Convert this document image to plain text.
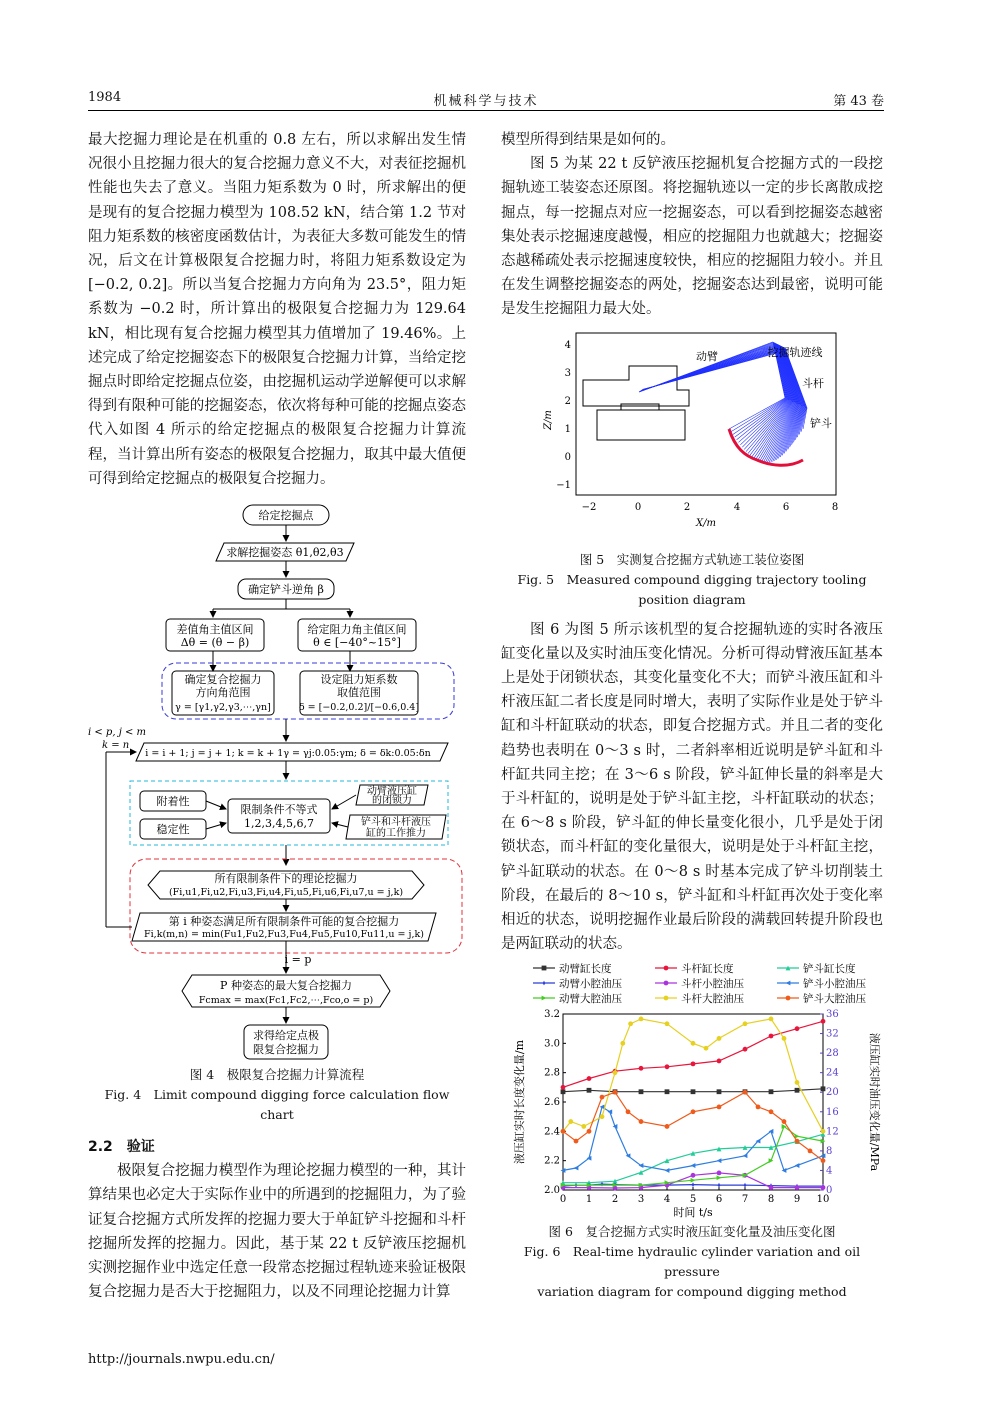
1984	机械科学与技术	第 43 卷

最大挖掘力理论是在机重的 0.8 左右，所以求解出发生情况很小且挖掘力很大的复合挖掘力意义不大，对表征挖掘机性能也失去了意义。当阻力矩系数为 0 时，所求解出的便是现有的复合挖掘力模型为 108.52 kN，结合第 1.2 节对阻力矩系数的核密度函数估计，为表征大多数可能发生的情况，后文在计算极限复合挖掘力时，将阻力矩系数设定为 [−0.2, 0.2]。所以当复合挖掘力方向角为 23.5°，阻力矩系数为 −0.2 时，所计算出的极限复合挖掘力为 129.64 kN，相比现有复合挖掘力模型其力值增加了 19.46%。上述完成了给定挖掘姿态下的极限复合挖掘力计算，当给定挖掘点时即给定挖掘点位姿，由挖掘机运动学逆解便可以求解得到有限种可能的挖掘姿态，依次将每种可能的挖掘点姿态代入如图 4 所示的给定挖掘点的极限复合挖掘力计算流程，当计算出所有姿态的极限复合挖掘力，取其中最大值便可得到给定挖掘点的极限复合挖掘力。

给定挖掘点
求解挖掘姿态 θ1,θ2,θ3
确定铲斗逆角 β
差值角主值区间
Δθ = (θ − β)
给定阻力角主值区间
θ ∈ [−40°~15°]
确定复合挖掘力
方向角范围
γ = [γ1,γ2,γ3,⋯,γn]
设定阻力矩系数
取值范围
δ = [−0.2,0.2]/[−0.6,0.4]
i = i + 1; j = j + 1; k = k + 1γ = γj:0.05:γm; δ = δk:0.05:δn
附着性
稳定性
限制条件不等式
1,2,3,4,5,6,7
动臂液压缸
的闭锁力
铲斗和斗杆液压
缸的工作推力
所有限制条件下的理论挖掘力
(Fi,u1,Fi,u2,Fi,u3,Fi,u4,Fi,u5,Fi,u6,Fi,u7,u = j,k)
第 i 种姿态满足所有限制条件可能的复合挖掘力
Fi,k(m,n) = min(Fu1,Fu2,Fu3,Fu4,Fu5,Fu10,Fu11,u = j,k)
i = p
P 种姿态的最大复合挖掘力
Fcmax = max(Fc1,Fc2,⋯,Fco,o = p)
求得给定点极
限复合挖掘力
i < p, j < m
k = n
图 4　极限复合挖掘力计算流程
Fig. 4　Limit compound digging force calculation flow chart
2.2　验证

极限复合挖掘力模型作为理论挖掘力模型的一种，其计算结果也必定大于实际作业中的所遇到的挖掘阻力，为了验证复合挖掘方式所发挥的挖掘力要大于单缸铲斗挖掘和斗杆挖掘所发挥的挖掘力。因此，基于某 22 t 反铲液压挖掘机实测挖掘作业中选定任意一段常态挖掘过程轨迹来验证极限复合挖掘力是否大于挖掘阻力，以及不同理论挖掘力计算

模型所得到结果是如何的。

图 5 为某 22 t 反铲液压挖掘机复合挖掘方式的一段挖掘轨迹工装姿态还原图。将挖掘轨迹以一定的步长离散成挖掘点，每一挖掘点对应一挖掘姿态，可以看到挖掘姿态越密集处表示挖掘速度越慢，相应的挖掘阻力也就越大；挖掘姿态越稀疏处表示挖掘速度较快，相应的挖掘阻力较小。并且在发生调整挖掘姿态的两处，挖掘姿态达到最密，说明可能是发生挖掘阻力最大处。

动臂	挖掘轨迹线
斗杆
铲斗
−2	0	2	4	6	8
X/m
4
3
2
1
0
−1
Z/m
图 5　实测复合挖掘方式轨迹工装位姿图
Fig. 5　Measured compound digging trajectory tooling
position diagram

图 6 为图 5 所示该机型的复合挖掘轨迹的实时各液压缸变化量以及实时油压变化情况。分析可得动臂液压缸基本上是处于闭锁状态，其变化量变化不大；而铲斗液压缸和斗杆液压缸二者长度是同时增大，表明了实际作业是处于铲斗缸和斗杆缸联动的状态，即复合挖掘方式。并且二者的变化趋势也表明在 0～3 s 时，二者斜率相近说明是铲斗缸和斗杆缸共同主挖；在 3～6 s 阶段，铲斗缸伸长量的斜率是大于斗杆缸的，说明是处于铲斗缸主挖，斗杆缸联动的状态；在 6～8 s 阶段，铲斗缸的伸长量变化很小，几乎是处于闭锁状态，而斗杆缸的变化量很大，说明是处于斗杆缸主挖，铲斗缸联动的状态。在 0～8 s 时基本完成了铲斗切削装土阶段，在最后的 8～10 s，铲斗缸和斗杆缸再次处于变化率相近的状态，说明挖掘作业最后阶段的满载回转提升阶段也是两缸联动的状态。

动臂缸长度	斗杆缸长度	铲斗缸长度
动臂小腔油压	斗杆小腔油压	铲斗小腔油压
动臂大腔油压	斗杆大腔油压	铲斗大腔油压
0 1 2 3 4 5 6 7 8 9 10
2.0
2.2
2.4
2.6
2.8
3.0
3.2
0
4
8
12
16
20
24
28
32
36
时间 t/s
液压缸实时长度变化量/m	液压缸实时油压变化量/MPa
图 6　复合挖掘方式实时液压缸变化量及油压变化图
Fig. 6　Real-time hydraulic cylinder variation and oil pressure
variation diagram for compound digging method
http://journals.nwpu.edu.cn/
